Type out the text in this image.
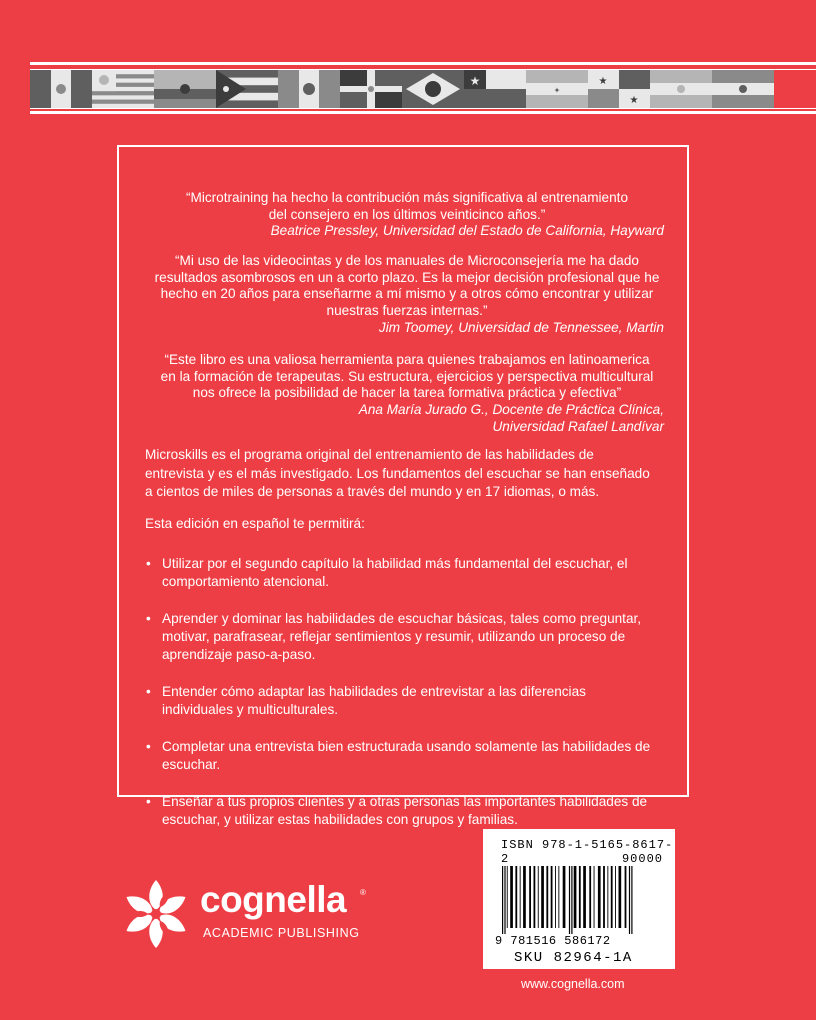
★
✦
★
★
“Microtraining ha hecho la contribución más significativa al entrenamiento
del consejero en los últimos veinticinco años.”
Beatrice Pressley, Universidad del Estado de California, Hayward
“Mi uso de las videocintas y de los manuales de Microconsejería me ha dado
resultados asombrosos en un a corto plazo. Es la mejor decisión profesional que he
hecho en 20 años para enseñarme a mí mismo y a otros cómo encontrar y utilizar
nuestras fuerzas internas.”
Jim Toomey, Universidad de Tennessee, Martin
“Este libro es una valiosa herramienta para quienes trabajamos en latinoamerica
en la formación de terapeutas. Su estructura, ejercicios y perspectiva multicultural
nos ofrece la posibilidad de hacer la tarea formativa práctica y efectiva”
Ana María Jurado G., Docente de Práctica Clínica,
Universidad Rafael Landívar

Microskills es el programa original del entrenamiento de las habilidades de
entrevista y es el más investigado. Los fundamentos del escuchar se han enseñado
a cientos de miles de personas a través del mundo y en 17 idiomas, o más.

Esta edición en español te permitirá:

• Utilizar por el segundo capítulo la habilidad más fundamental del escuchar, el
comportamiento atencional.
• Aprender y dominar las habilidades de escuchar básicas, tales como preguntar,
motivar, parafrasear, reflejar sentimientos y resumir, utilizando un proceso de
aprendizaje paso-a-paso.
• Entender cómo adaptar las habilidades de entrevistar a las diferencias
individuales y multiculturales.
• Completar una entrevista bien estructurada usando solamente las habilidades de
escuchar.
• Enseñar a tus propios clientes y a otras personas las importantes habilidades de
escuchar, y utilizar estas habilidades con grupos y familias.
cognella ®
ACADEMIC PUBLISHING
ISBN 978-1-5165-8617-2	90000
9 781516 586172
SKU 82964-1A
www.cognella.com
